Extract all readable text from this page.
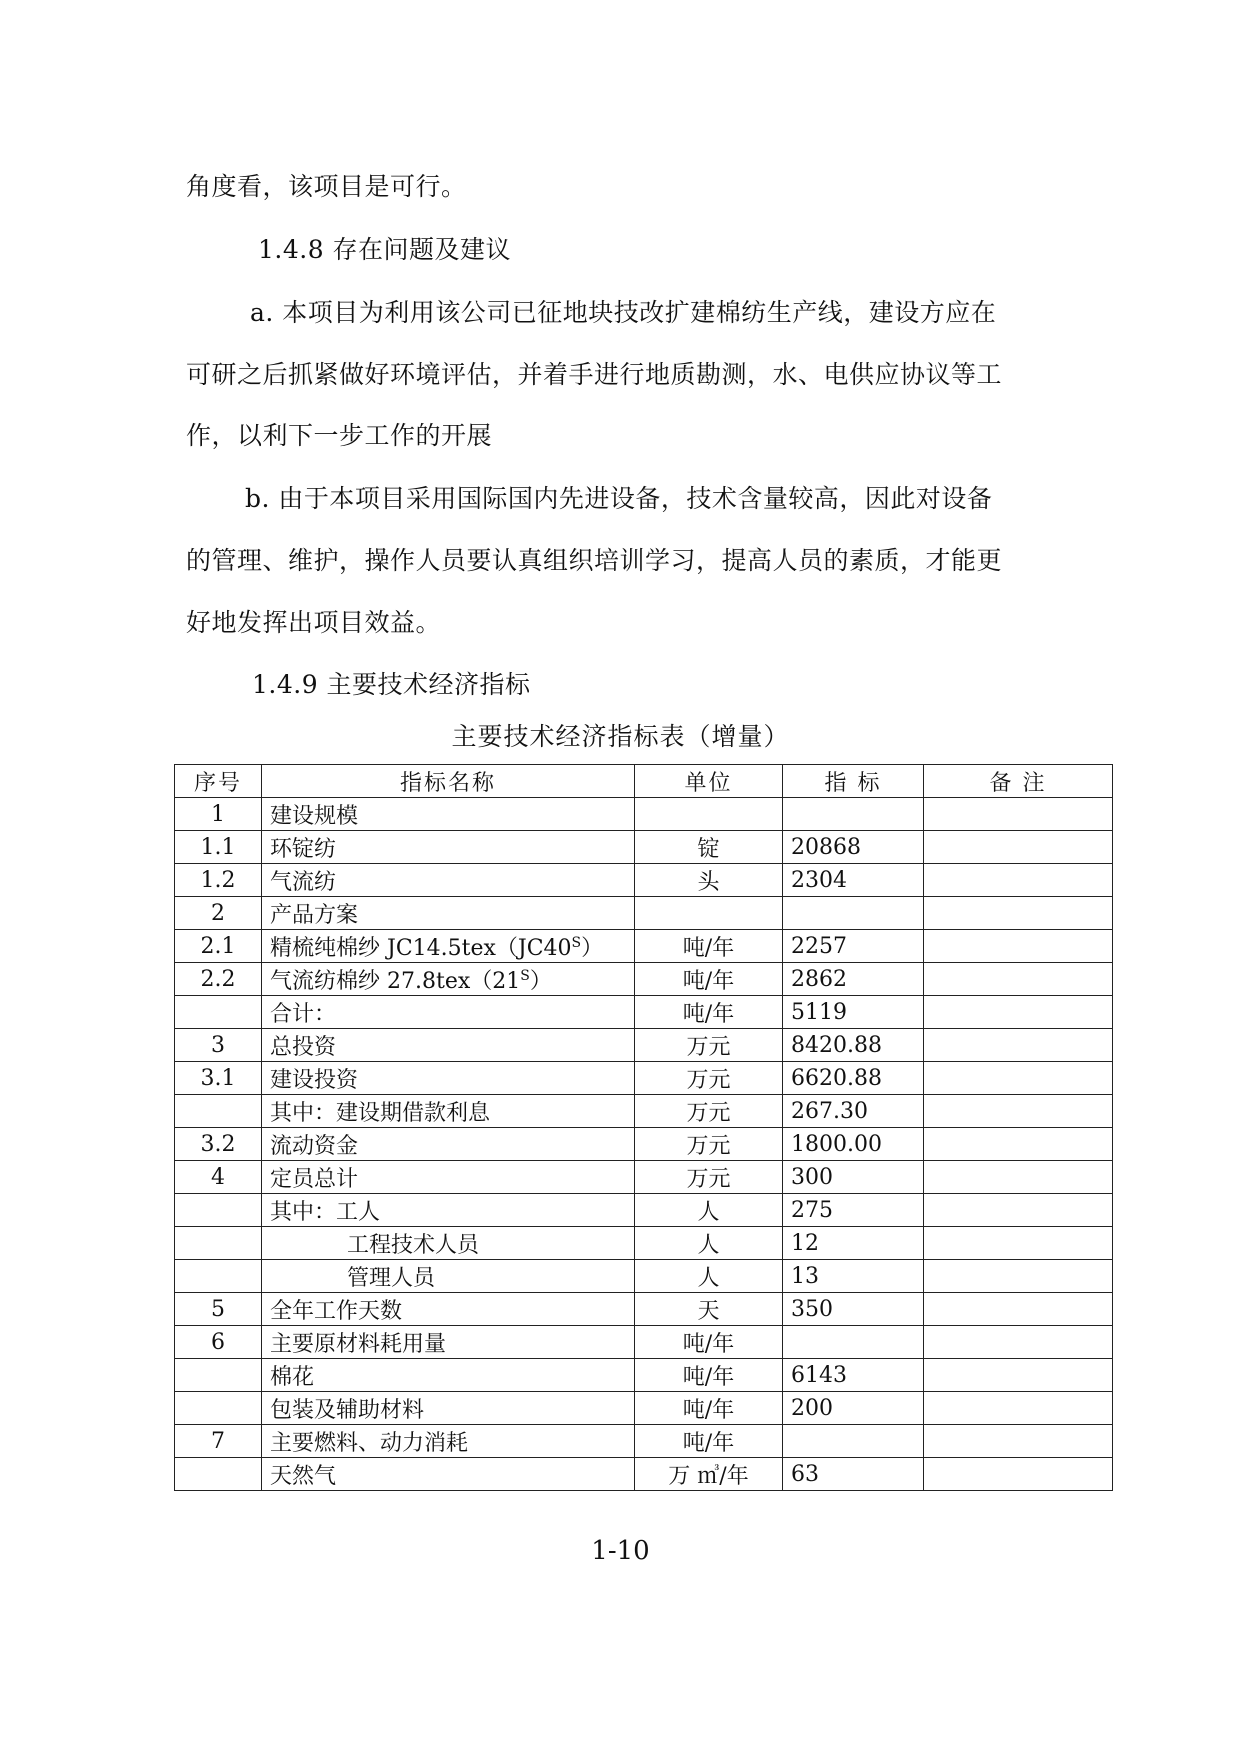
角度看，该项目是可行。
1.4.8 存在问题及建议
a. 本项目为利用该公司已征地块技改扩建棉纺生产线，建设方应在
可研之后抓紧做好环境评估，并着手进行地质勘测，水、电供应协议等工
作，以利下一步工作的开展
b. 由于本项目采用国际国内先进设备，技术含量较高，因此对设备
的管理、维护，操作人员要认真组织培训学习，提高人员的素质，才能更
好地发挥出项目效益。
1.4.9 主要技术经济指标
主要技术经济指标表（增量）
序号	指标名称	单位	指 标	备 注
1	建设规模			
1.1	环锭纺	锭	20868	
1.2	气流纺	头	2304	
2	产品方案			
2.1	精梳纯棉纱 $JC14.5tex(JC40^S)$	吨/年	2257	
2.2	气流纺棉纱 $27.8tex(21^S)$	吨/年	2862	
	合计：	吨/年	5119	
3	总投资	万元	8420.88	
3.1	建设投资	万元	6620.88	
	其中：建设期借款利息	万元	267.30	
3.2	流动资金	万元	1800.00	
4	定员总计	万元	300	
	其中：工人	人	275	
	工程技术人员	人	12	
	管理人员	人	13	
5	全年工作天数	天	350	
6	主要原材料耗用量	吨/年		
	棉花	吨/年	6143	
	包装及辅助材料	吨/年	200	
7	主要燃料、动力消耗	吨/年		
	天然气	万 ㎥/年	63	
1-10
